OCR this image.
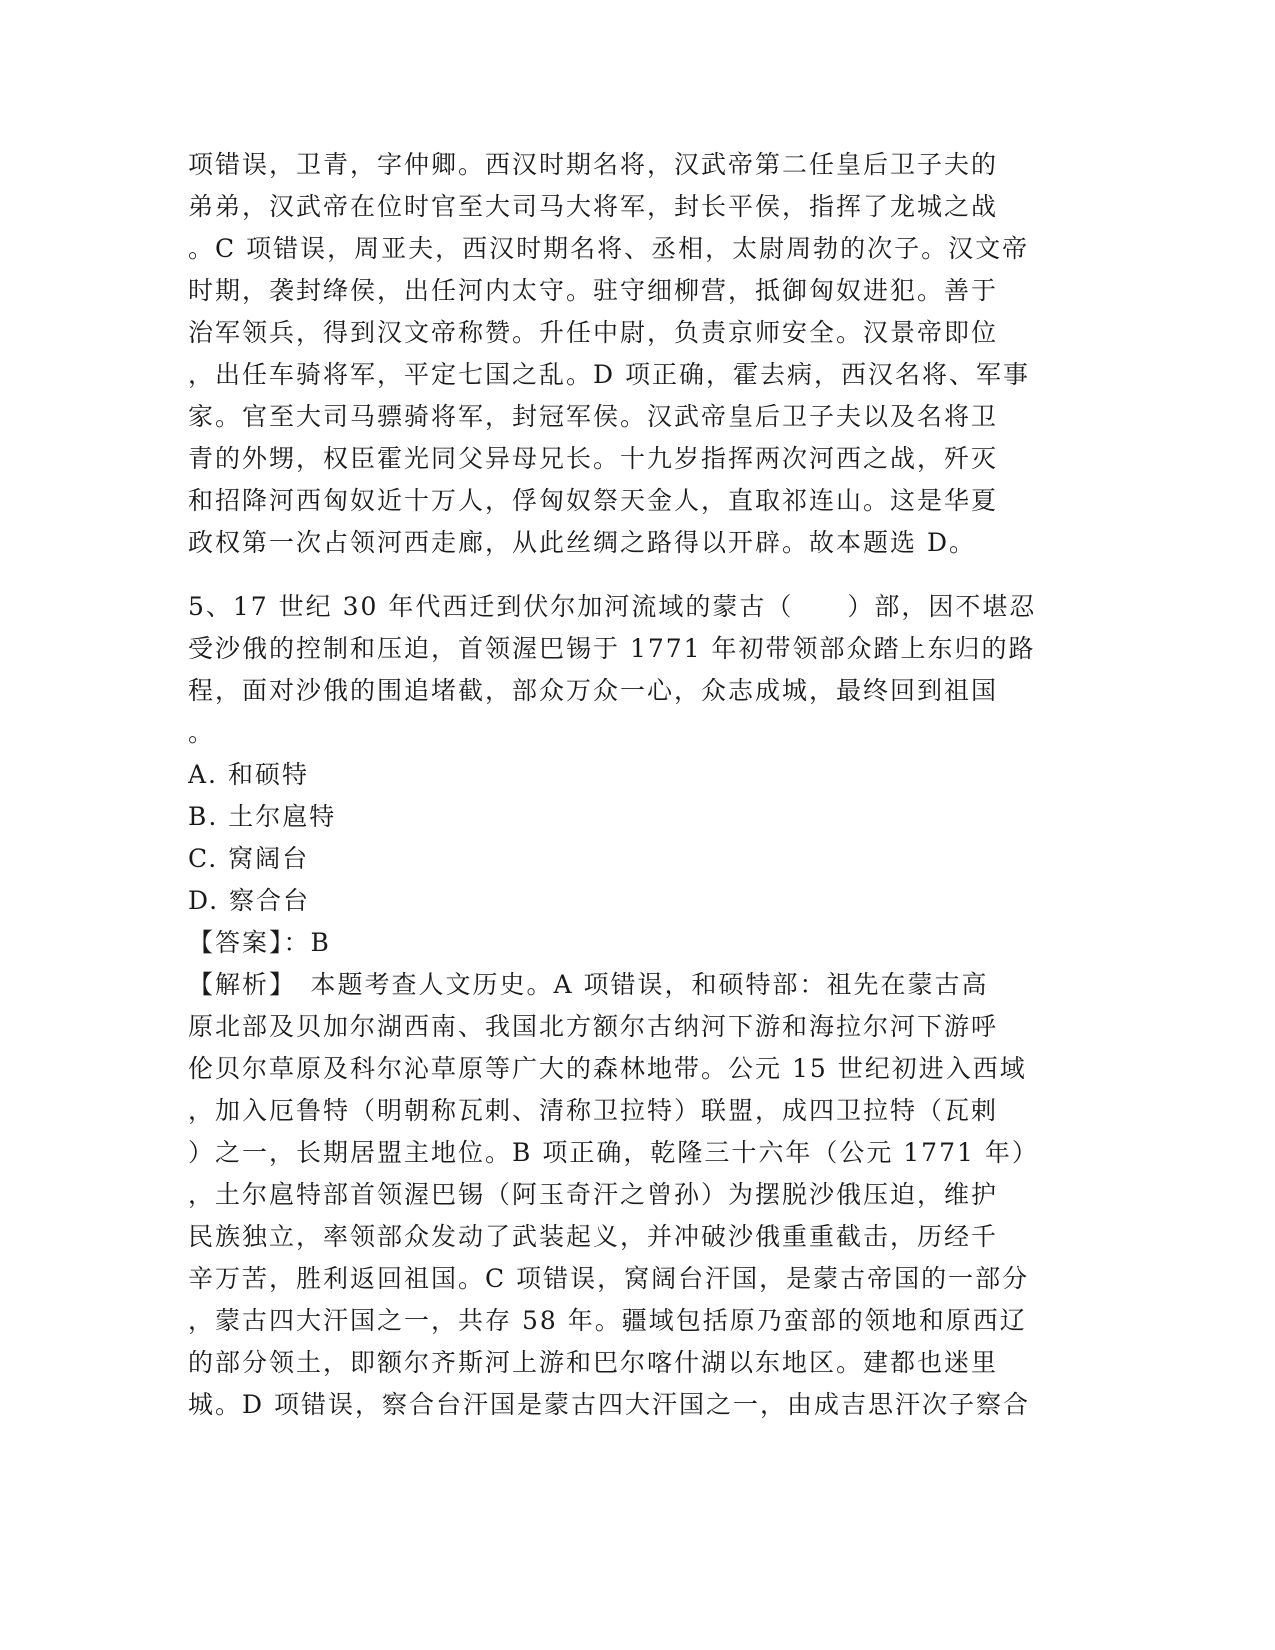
项错误，卫青，字仲卿。西汉时期名将，汉武帝第二任皇后卫子夫的
弟弟，汉武帝在位时官至大司马大将军，封长平侯，指挥了龙城之战
。C 项错误，周亚夫，西汉时期名将、丞相，太尉周勃的次子。汉文帝
时期，袭封绛侯，出任河内太守。驻守细柳营，抵御匈奴进犯。善于
治军领兵，得到汉文帝称赞。升任中尉，负责京师安全。汉景帝即位
，出任车骑将军，平定七国之乱。D 项正确，霍去病，西汉名将、军事
家。官至大司马骠骑将军，封冠军侯。汉武帝皇后卫子夫以及名将卫
青的外甥，权臣霍光同父异母兄长。十九岁指挥两次河西之战，歼灭
和招降河西匈奴近十万人，俘匈奴祭天金人，直取祁连山。这是华夏
政权第一次占领河西走廊，从此丝绸之路得以开辟。故本题选 D。
5、17 世纪 30 年代西迁到伏尔加河流域的蒙古（　　）部，因不堪忍
受沙俄的控制和压迫，首领渥巴锡于 1771 年初带领部众踏上东归的路
程，面对沙俄的围追堵截，部众万众一心，众志成城，最终回到祖国
。
A. 和硕特
B. 土尔扈特
C. 窝阔台
D. 察合台
【答案】：B
【解析】　本题考查人文历史。A 项错误，和硕特部：祖先在蒙古高
原北部及贝加尔湖西南、我国北方额尔古纳河下游和海拉尔河下游呼
伦贝尔草原及科尔沁草原等广大的森林地带。公元 15 世纪初进入西域
，加入厄鲁特（明朝称瓦剌、清称卫拉特）联盟，成四卫拉特（瓦剌
）之一，长期居盟主地位。B 项正确，乾隆三十六年（公元 1771 年）
，土尔扈特部首领渥巴锡（阿玉奇汗之曾孙）为摆脱沙俄压迫，维护
民族独立，率领部众发动了武装起义，并冲破沙俄重重截击，历经千
辛万苦，胜利返回祖国。C 项错误，窝阔台汗国，是蒙古帝国的一部分
，蒙古四大汗国之一，共存 58 年。疆域包括原乃蛮部的领地和原西辽
的部分领土，即额尔齐斯河上游和巴尔喀什湖以东地区。建都也迷里
城。D 项错误，察合台汗国是蒙古四大汗国之一，由成吉思汗次子察合
